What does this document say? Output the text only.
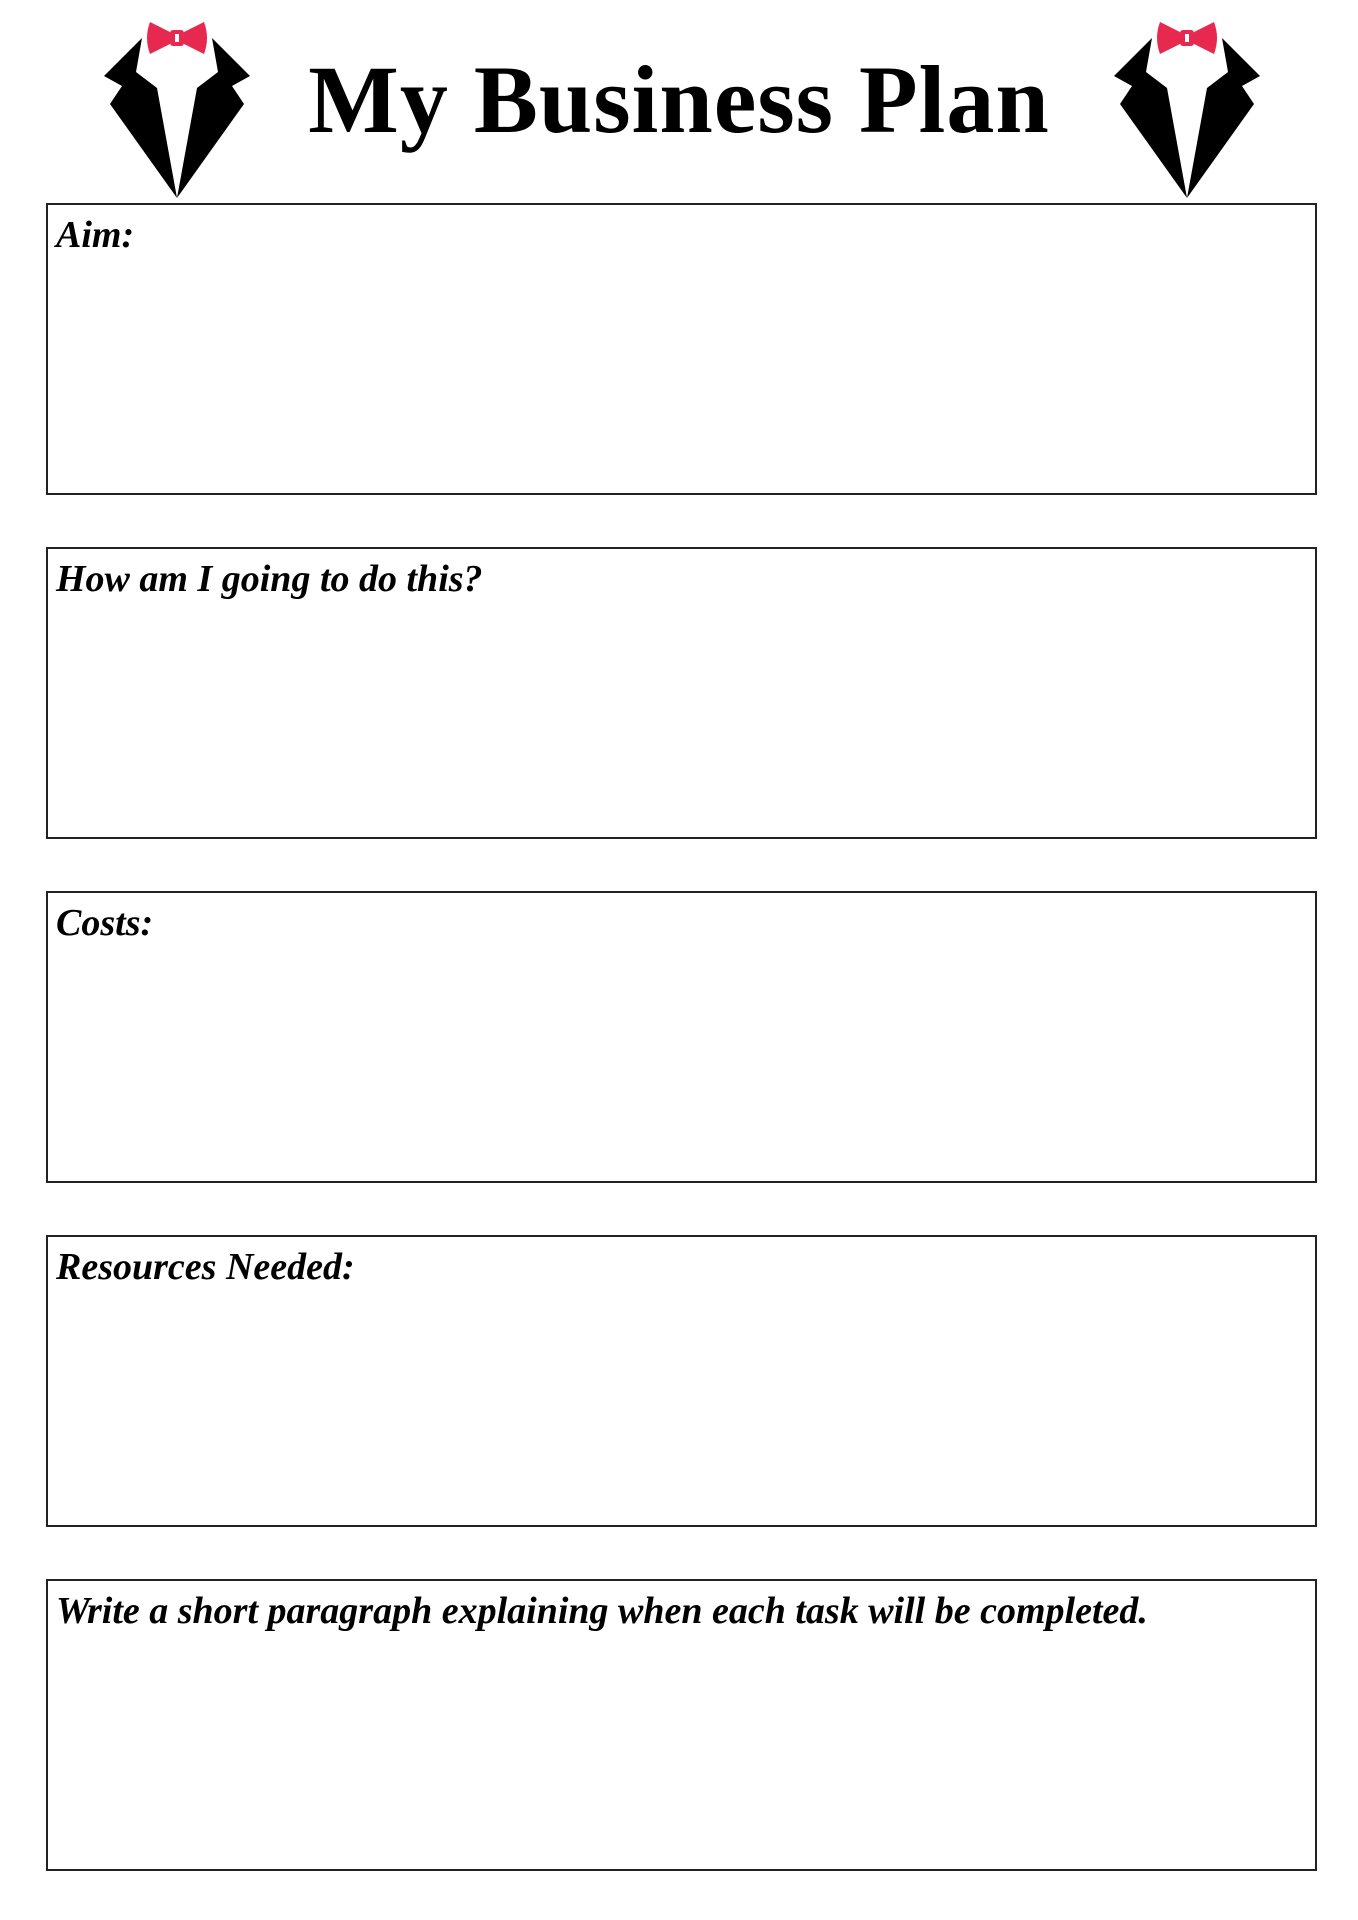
My Business Plan
Aim:
How am I going to do this?
Costs:
Resources Needed:
Write a short paragraph explaining when each task will be completed.
